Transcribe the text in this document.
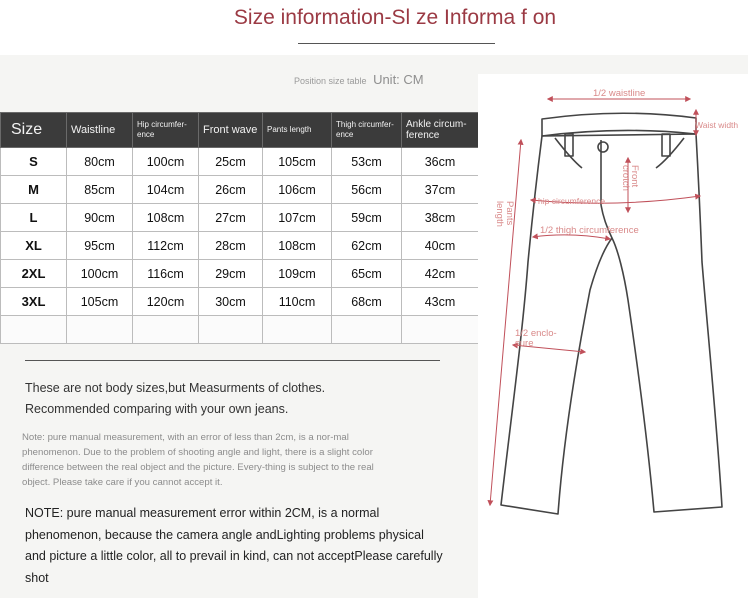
Size information-Sl ze Informa f on
Position size table Unit: CM
Size	Waistline	Hip circumfer-ence	Front wave	Pants length	Thigh circumfer-ence	Ankle circum-ference
S	80cm	100cm	25cm	105cm	53cm	36cm
M	85cm	104cm	26cm	106cm	56cm	37cm
L	90cm	108cm	27cm	107cm	59cm	38cm
XL	95cm	112cm	28cm	108cm	62cm	40cm
2XL	100cm	116cm	29cm	109cm	65cm	42cm
3XL	105cm	120cm	30cm	110cm	68cm	43cm

These are not body sizes,but Measurments of clothes.
Recommended comparing with your own jeans.
Note: pure manual measurement, with an error of less than 2cm, is a nor-mal phenomenon. Due to the problem of shooting angle and light, there is a slight color difference between the real object and the picture. Every-thing is subject to the real object. Please take care if you cannot accept it.
NOTE: pure manual measurement error within 2CM, is a normal phenomenon, because the camera angle andLighting problems physical and picture a little color, all to prevail in kind, can not acceptPlease carefully shot
1/2 waistline
Waist width
Front
crotch
hip circumference
1/2 thigh circumference
Pants
length
1/2 enclo-
sure
